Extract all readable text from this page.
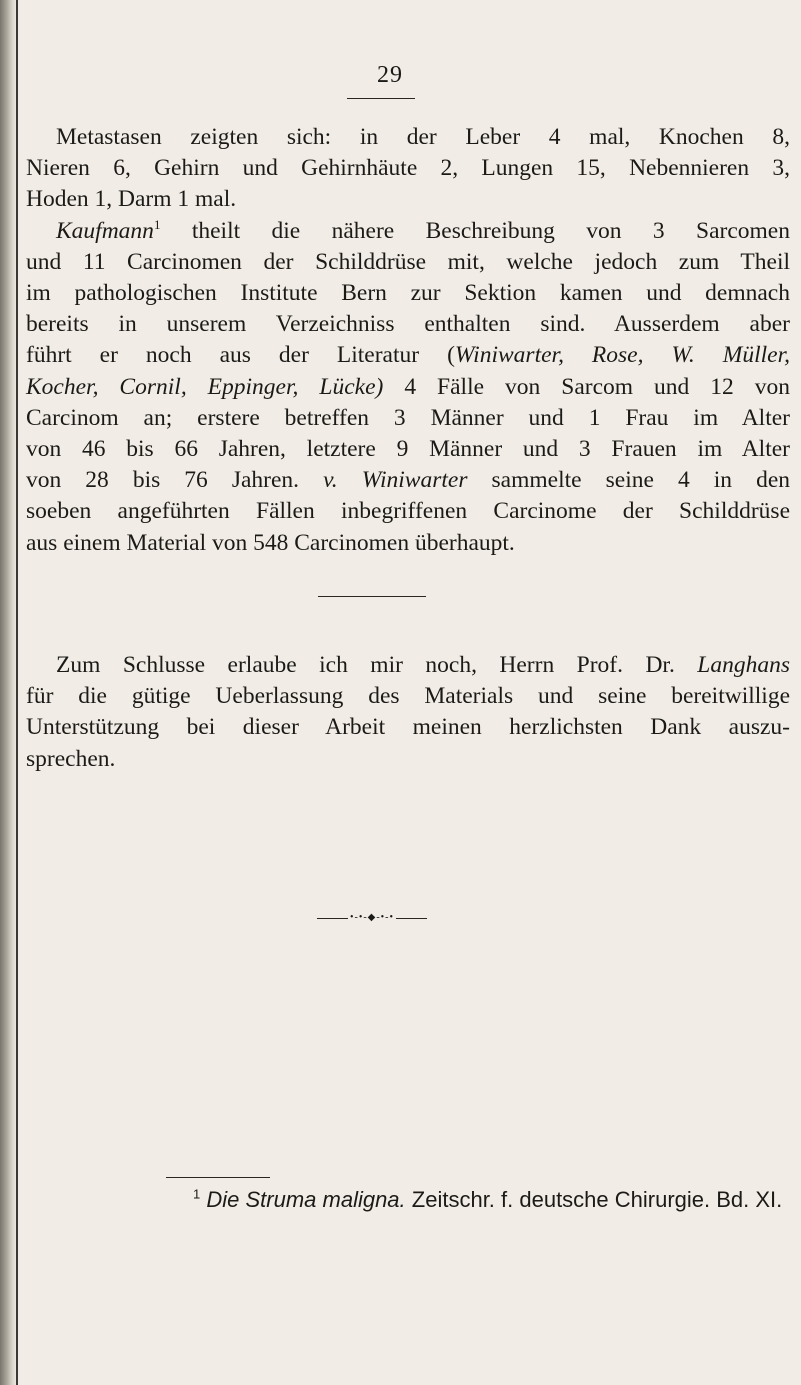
29
Metastasen zeigten sich: in der Leber 4 mal, Knochen 8,
Nieren 6, Gehirn und Gehirnhäute 2, Lungen 15, Nebennieren 3,
Hoden 1, Darm 1 mal.
Kaufmann$^1$ theilt die nähere Beschreibung von 3 Sarcomen
und 11 Carcinomen der Schilddrüse mit, welche jedoch zum Theil
im pathologischen Institute Bern zur Sektion kamen und demnach
bereits in unserem Verzeichniss enthalten sind. Ausserdem aber
führt er noch aus der Literatur (Winiwarter, Rose, W. Müller,
Kocher, Cornil, Eppinger, Lücke) 4 Fälle von Sarcom und 12 von
Carcinom an; erstere betreffen 3 Männer und 1 Frau im Alter
von 46 bis 66 Jahren, letztere 9 Männer und 3 Frauen im Alter
von 28 bis 76 Jahren. v. Winiwarter sammelte seine 4 in den
soeben angeführten Fällen inbegriffenen Carcinome der Schilddrüse
aus einem Material von 548 Carcinomen überhaupt.
Zum Schlusse erlaube ich mir noch, Herrn Prof. Dr. Langhans
für die gütige Ueberlassung des Materials und seine bereitwillige
Unterstützung bei dieser Arbeit meinen herzlichsten Dank auszu-
sprechen.
•-•-◆-•-•
$^1$ Die Struma maligna. Zeitschr. f. deutsche Chirurgie. Bd. XI.
